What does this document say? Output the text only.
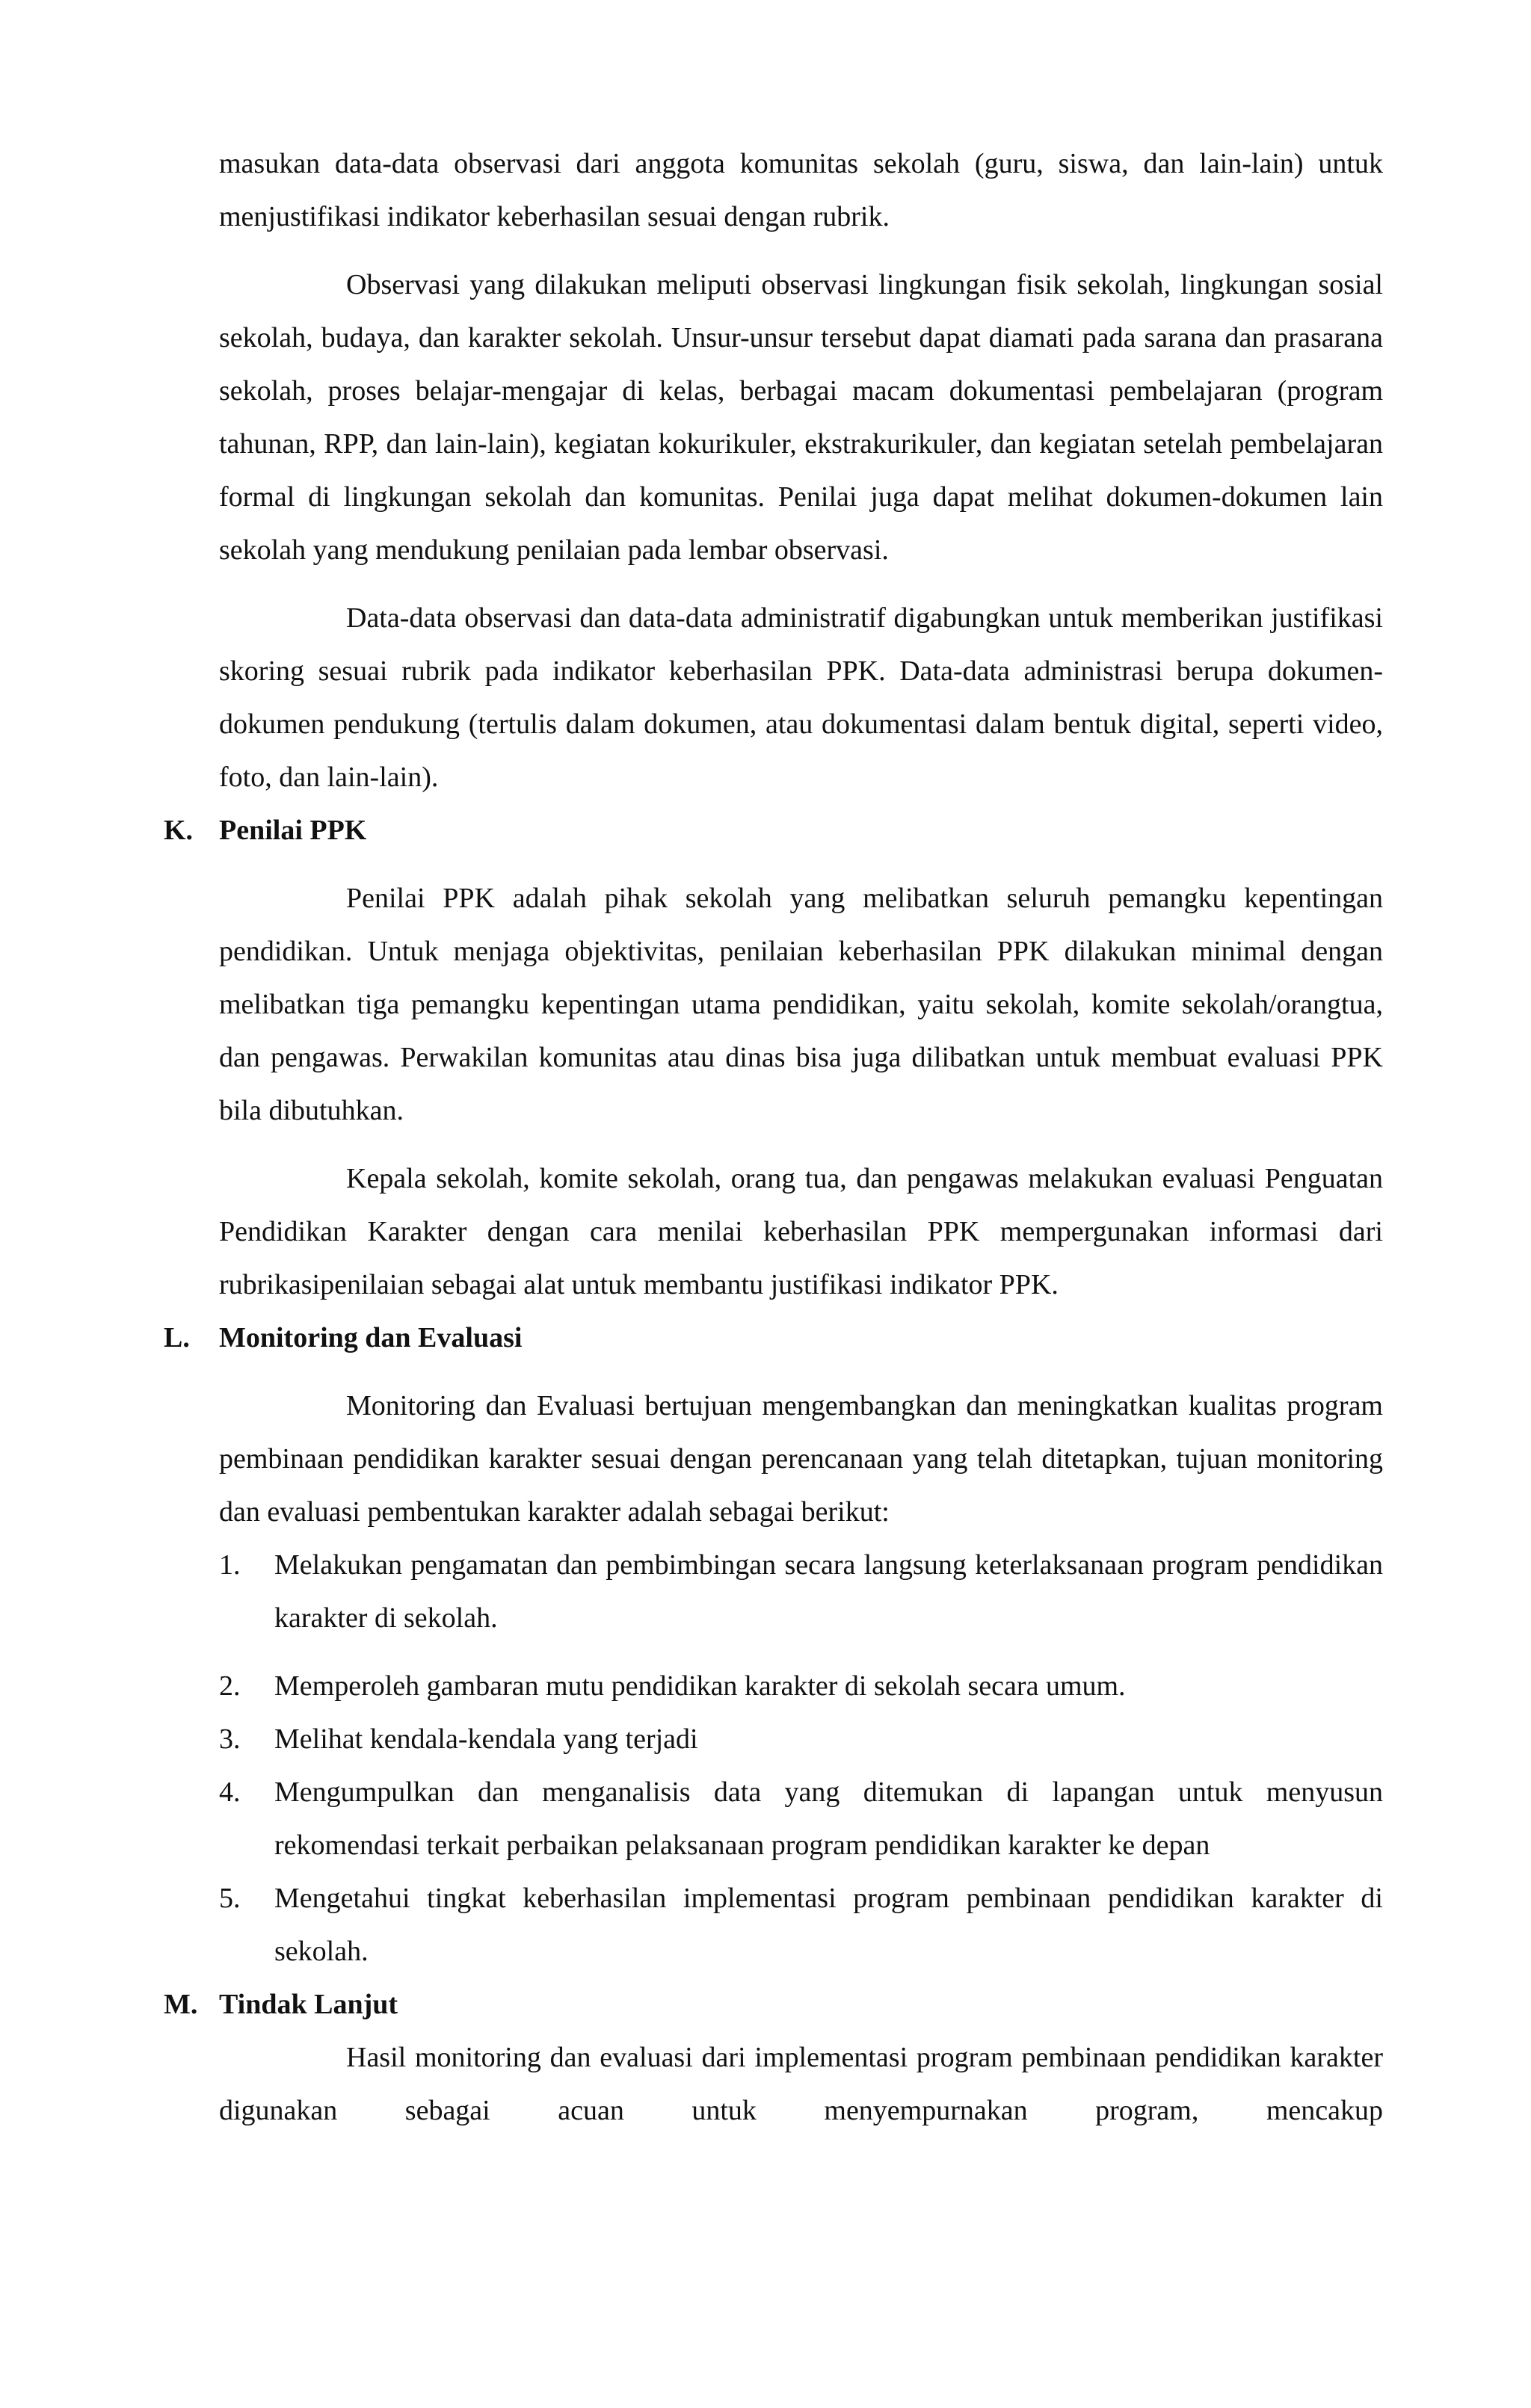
masukan data-data observasi dari anggota komunitas sekolah (guru, siswa, dan lain-lain) untuk menjustifikasi indikator keberhasilan sesuai dengan rubrik.

Observasi yang dilakukan meliputi observasi lingkungan fisik sekolah, lingkungan sosial sekolah, budaya, dan karakter sekolah. Unsur-unsur tersebut dapat diamati pada sarana dan prasarana sekolah, proses belajar-mengajar di kelas, berbagai macam dokumentasi pembelajaran (program tahunan, RPP, dan lain-lain), kegiatan kokurikuler, ekstrakurikuler, dan kegiatan setelah pembelajaran formal di lingkungan sekolah dan komunitas. Penilai juga dapat melihat dokumen-dokumen lain sekolah yang mendukung penilaian pada lembar observasi.

Data-data observasi dan data-data administratif digabungkan untuk memberikan justifikasi skoring sesuai rubrik pada indikator keberhasilan PPK. Data-data administrasi berupa dokumen-dokumen pendukung (tertulis dalam dokumen, atau dokumentasi dalam bentuk digital, seperti video, foto, dan lain-lain).

K. Penilai PPK

Penilai PPK adalah pihak sekolah yang melibatkan seluruh pemangku kepentingan pendidikan. Untuk menjaga objektivitas, penilaian keberhasilan PPK dilakukan minimal dengan melibatkan tiga pemangku kepentingan utama pendidikan, yaitu sekolah, komite sekolah/orangtua, dan pengawas. Perwakilan komunitas atau dinas bisa juga dilibatkan untuk membuat evaluasi PPK bila dibutuhkan.

Kepala sekolah, komite sekolah, orang tua, dan pengawas melakukan evaluasi Penguatan Pendidikan Karakter dengan cara menilai keberhasilan PPK mempergunakan informasi dari rubrikasipenilaian sebagai alat untuk membantu justifikasi indikator PPK.

L. Monitoring dan Evaluasi

Monitoring dan Evaluasi bertujuan mengembangkan dan meningkatkan kualitas program pembinaan pendidikan karakter sesuai dengan perencanaan yang telah ditetapkan, tujuan monitoring dan evaluasi pembentukan karakter adalah sebagai berikut:

1. Melakukan pengamatan dan pembimbingan secara langsung keterlaksanaan program pendidikan karakter di sekolah.
2. Memperoleh gambaran mutu pendidikan karakter di sekolah secara umum.
3. Melihat kendala-kendala yang terjadi
4. Mengumpulkan dan menganalisis data yang ditemukan di lapangan untuk menyusun rekomendasi terkait perbaikan pelaksanaan program pendidikan karakter ke depan
5. Mengetahui tingkat keberhasilan implementasi program pembinaan pendidikan karakter di sekolah.
M. Tindak Lanjut

Hasil monitoring dan evaluasi dari implementasi program pembinaan pendidikan karakter digunakan sebagai acuan untuk menyempurnakan program, mencakup
